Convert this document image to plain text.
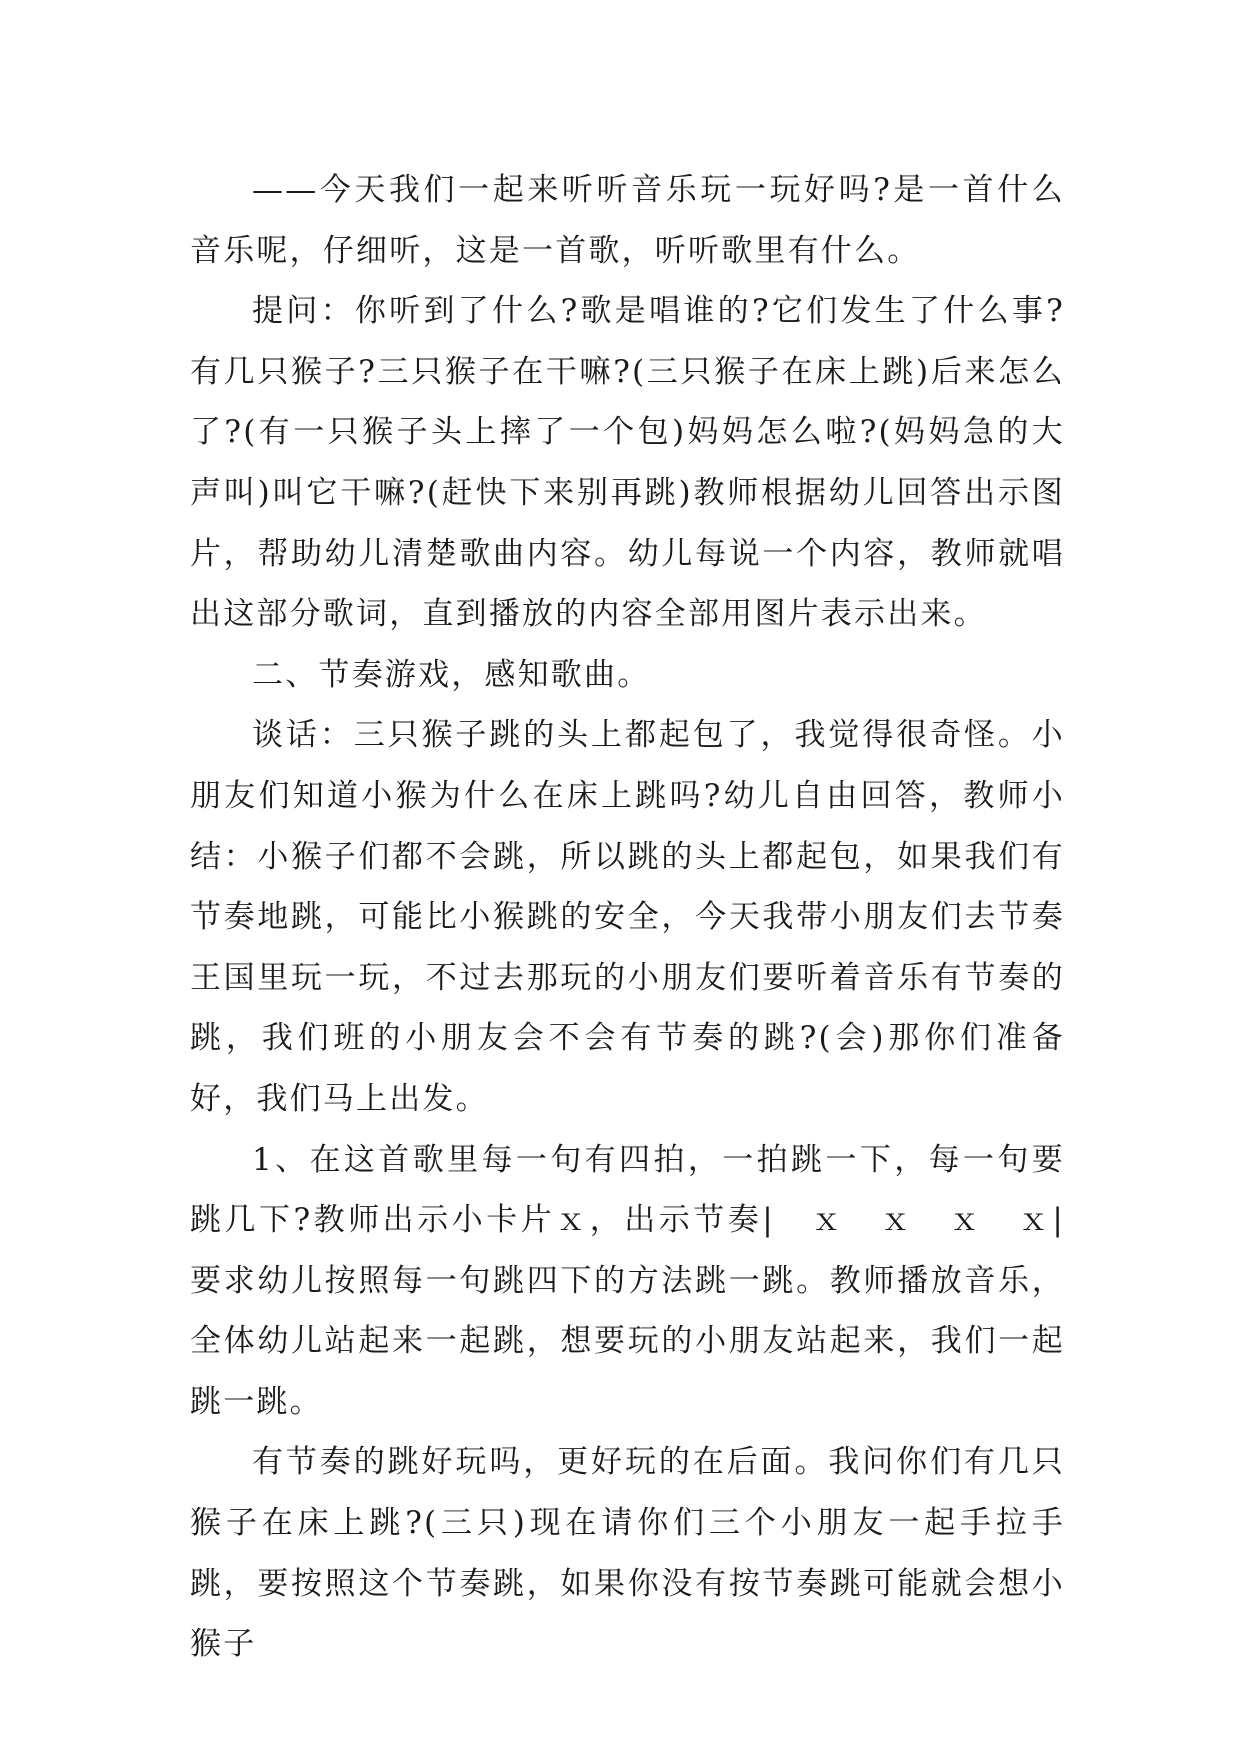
——今天我们一起来听听音乐玩一玩好吗?是一首什么音乐呢，仔细听，这是一首歌，听听歌里有什么。

提问：你听到了什么?歌是唱谁的?它们发生了什么事?有几只猴子?三只猴子在干嘛?(三只猴子在床上跳)后来怎么了?(有一只猴子头上摔了一个包)妈妈怎么啦?(妈妈急的大声叫)叫它干嘛?(赶快下来别再跳)教师根据幼儿回答出示图片，帮助幼儿清楚歌曲内容。幼儿每说一个内容，教师就唱出这部分歌词，直到播放的内容全部用图片表示出来。

二、节奏游戏，感知歌曲。

谈话：三只猴子跳的头上都起包了，我觉得很奇怪。小朋友们知道小猴为什么在床上跳吗?幼儿自由回答，教师小结：小猴子们都不会跳，所以跳的头上都起包，如果我们有节奏地跳，可能比小猴跳的安全，今天我带小朋友们去节奏王国里玩一玩，不过去那玩的小朋友们要听着音乐有节奏的跳，我们班的小朋友会不会有节奏的跳?(会)那你们准备好，我们马上出发。

1、在这首歌里每一句有四拍，一拍跳一下，每一句要跳几下?教师出示小卡片ｘ，出示节奏|　ｘ　ｘ　ｘ　ｘ|　要求幼儿按照每一句跳四下的方法跳一跳。教师播放音乐，全体幼儿站起来一起跳，想要玩的小朋友站起来，我们一起跳一跳。

有节奏的跳好玩吗，更好玩的在后面。我问你们有几只猴子在床上跳?(三只)现在请你们三个小朋友一起手拉手跳，要按照这个节奏跳，如果你没有按节奏跳可能就会想小猴子
